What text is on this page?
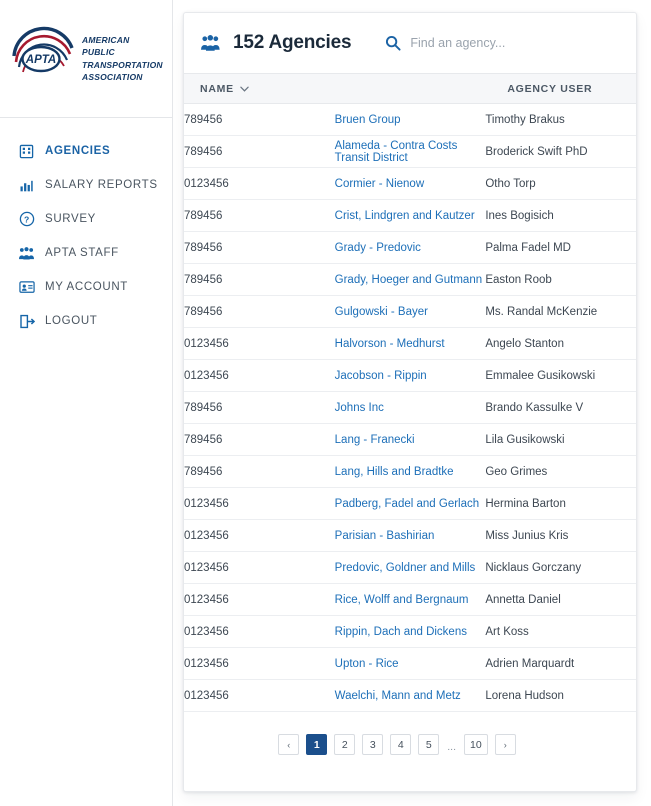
APTA
AMERICAN
PUBLIC
TRANSPORTATION
ASSOCIATION
AGENCIES
SALARY REPORTS
? SURVEY
APTA STAFF
MY ACCOUNT
LOGOUT
152 Agencies
Find an agency...
NAME		AGENCY USER
789456	Bruen Group	Timothy Brakus
789456	Alameda - Contra Costs Transit District	Broderick Swift PhD
0123456	Cormier - Nienow	Otho Torp
789456	Crist, Lindgren and Kautzer	Ines Bogisich
789456	Grady - Predovic	Palma Fadel MD
789456	Grady, Hoeger and Gutmann	Easton Roob
789456	Gulgowski - Bayer	Ms. Randal McKenzie
0123456	Halvorson - Medhurst	Angelo Stanton
0123456	Jacobson - Rippin	Emmalee Gusikowski
789456	Johns Inc	Brando Kassulke V
789456	Lang - Franecki	Lila Gusikowski
789456	Lang, Hills and Bradtke	Geo Grimes
0123456	Padberg, Fadel and Gerlach	Hermina Barton
0123456	Parisian - Bashirian	Miss Junius Kris
0123456	Predovic, Goldner and Mills	Nicklaus Gorczany
0123456	Rice, Wolff and Bergnaum	Annetta Daniel
0123456	Rippin, Dach and Dickens	Art Koss
0123456	Upton - Rice	Adrien Marquardt
0123456	Waelchi, Mann and Metz	Lorena Hudson
‹	1	2	3	4	5	...	10	›
